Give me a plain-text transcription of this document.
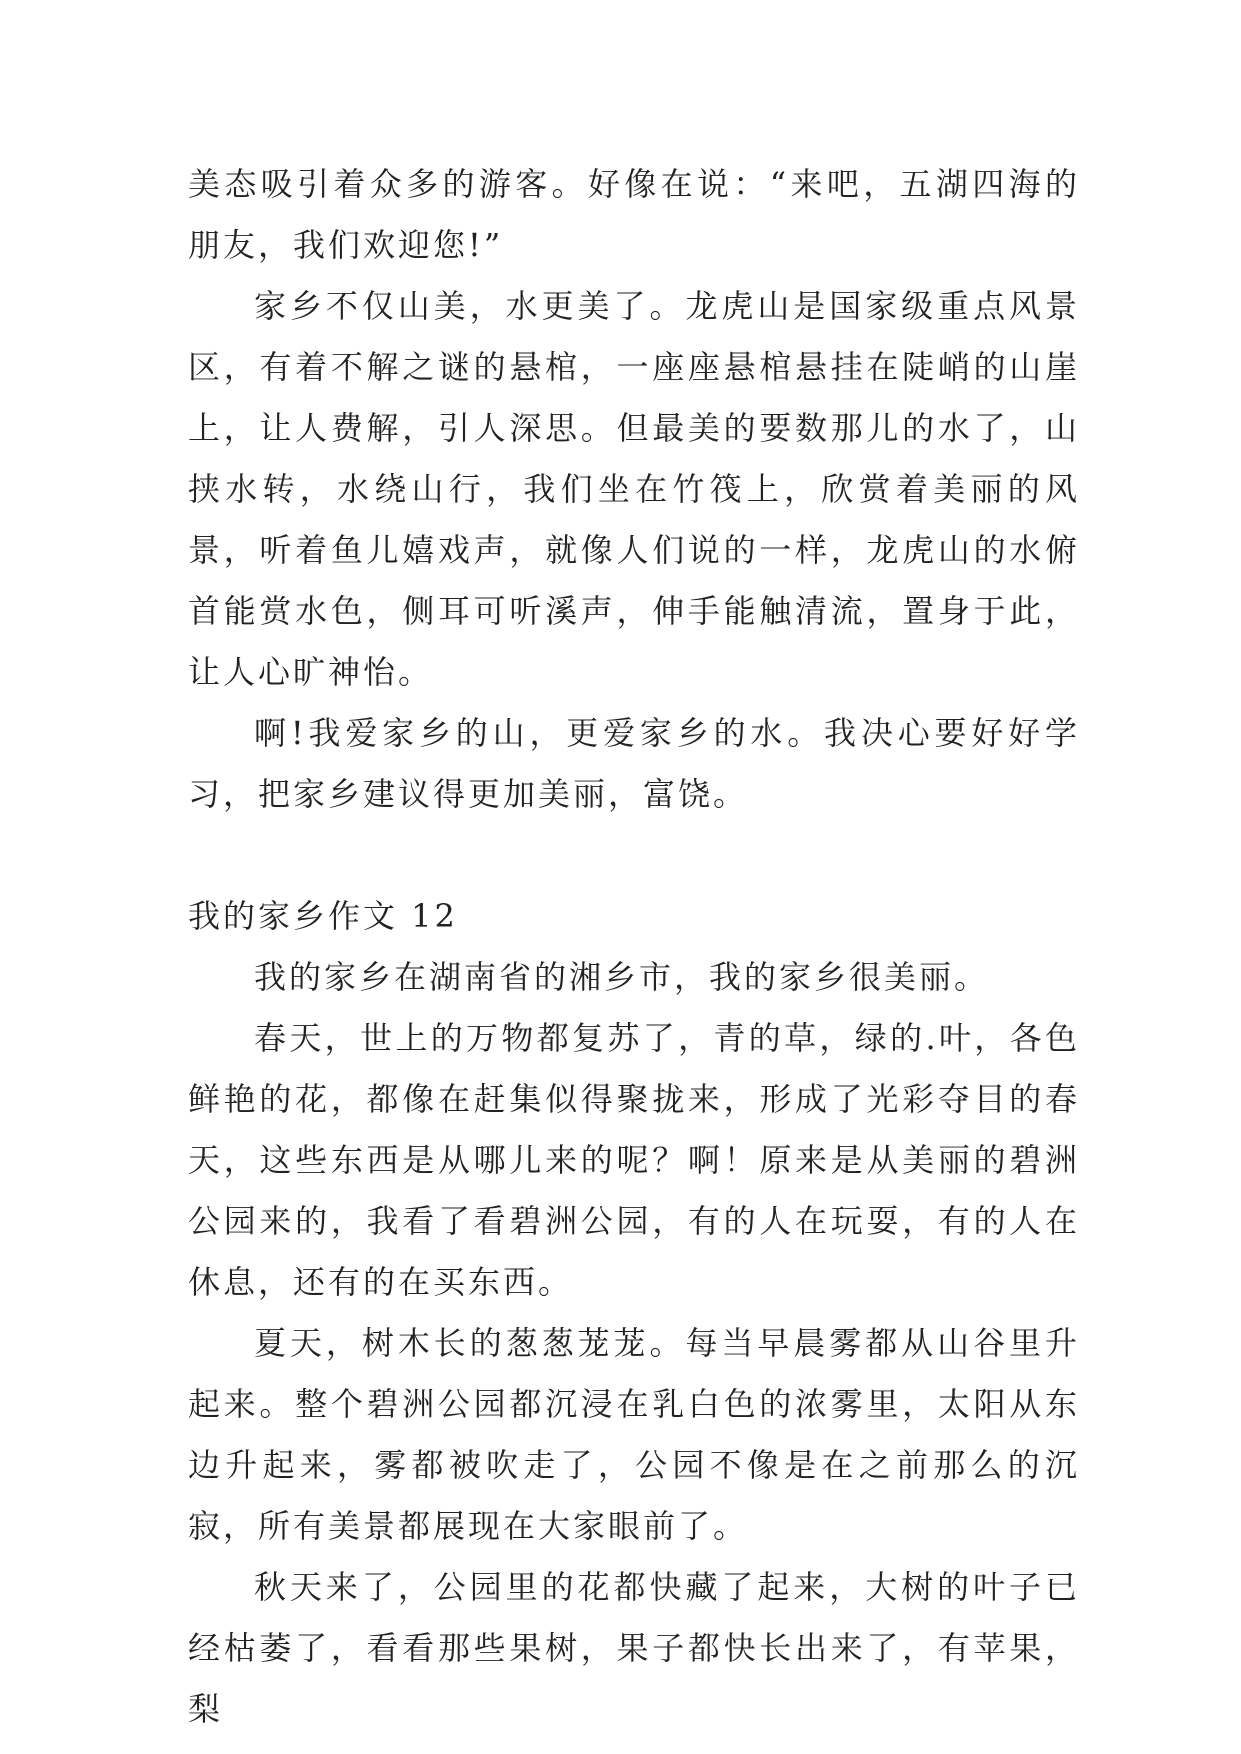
美态吸引着众多的游客。好像在说：“来吧，五湖四海的朋友，我们欢迎您!”

家乡不仅山美，水更美了。龙虎山是国家级重点风景区，有着不解之谜的悬棺，一座座悬棺悬挂在陡峭的山崖上，让人费解，引人深思。但最美的要数那儿的水了，山挟水转，水绕山行，我们坐在竹筏上，欣赏着美丽的风景，听着鱼儿嬉戏声，就像人们说的一样，龙虎山的水俯首能赏水色，侧耳可听溪声，伸手能触清流，置身于此，让人心旷神怡。

啊!我爱家乡的山，更爱家乡的水。我决心要好好学习，把家乡建议得更加美丽，富饶。

我的家乡作文 12

我的家乡在湖南省的湘乡市，我的家乡很美丽。

春天，世上的万物都复苏了，青的草，绿的.叶，各色鲜艳的花，都像在赶集似得聚拢来，形成了光彩夺目的春天，这些东西是从哪儿来的呢？啊！原来是从美丽的碧洲公园来的，我看了看碧洲公园，有的人在玩耍，有的人在休息，还有的在买东西。

夏天，树木长的葱葱茏茏。每当早晨雾都从山谷里升起来。整个碧洲公园都沉浸在乳白色的浓雾里，太阳从东边升起来，雾都被吹走了，公园不像是在之前那么的沉寂，所有美景都展现在大家眼前了。

秋天来了，公园里的花都快藏了起来，大树的叶子已经枯萎了，看看那些果树，果子都快长出来了，有苹果，梨
